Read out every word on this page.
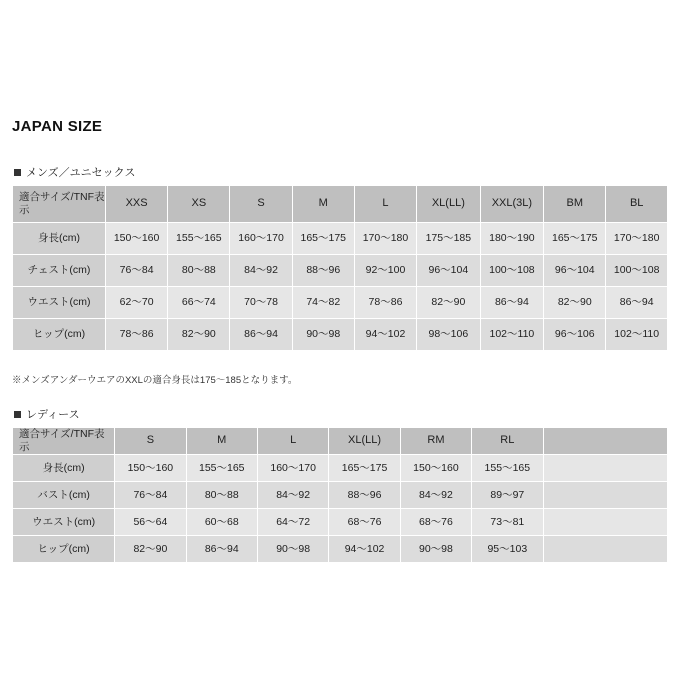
JAPAN SIZE
メンズ／ユニセックス
適合サイズ/TNF表示	XXS	XS	S	M	L	XL(LL)	XXL(3L)	BM	BL
身長(cm)	150〜160	155〜165	160〜170	165〜175	170〜180	175〜185	180〜190	165〜175	170〜180
チェスト(cm)	76〜84	80〜88	84〜92	88〜96	92〜100	96〜104	100〜108	96〜104	100〜108
ウエスト(cm)	62〜70	66〜74	70〜78	74〜82	78〜86	82〜90	86〜94	82〜90	86〜94
ヒップ(cm)	78〜86	82〜90	86〜94	90〜98	94〜102	98〜106	102〜110	96〜106	102〜110
※メンズアンダーウエアのXXLの適合身長は175〜185となります。
レディース
適合サイズ/TNF表示	S	M	L	XL(LL)	RM	RL	
身長(cm)	150〜160	155〜165	160〜170	165〜175	150〜160	155〜165	
バスト(cm)	76〜84	80〜88	84〜92	88〜96	84〜92	89〜97	
ウエスト(cm)	56〜64	60〜68	64〜72	68〜76	68〜76	73〜81	
ヒップ(cm)	82〜90	86〜94	90〜98	94〜102	90〜98	95〜103	
